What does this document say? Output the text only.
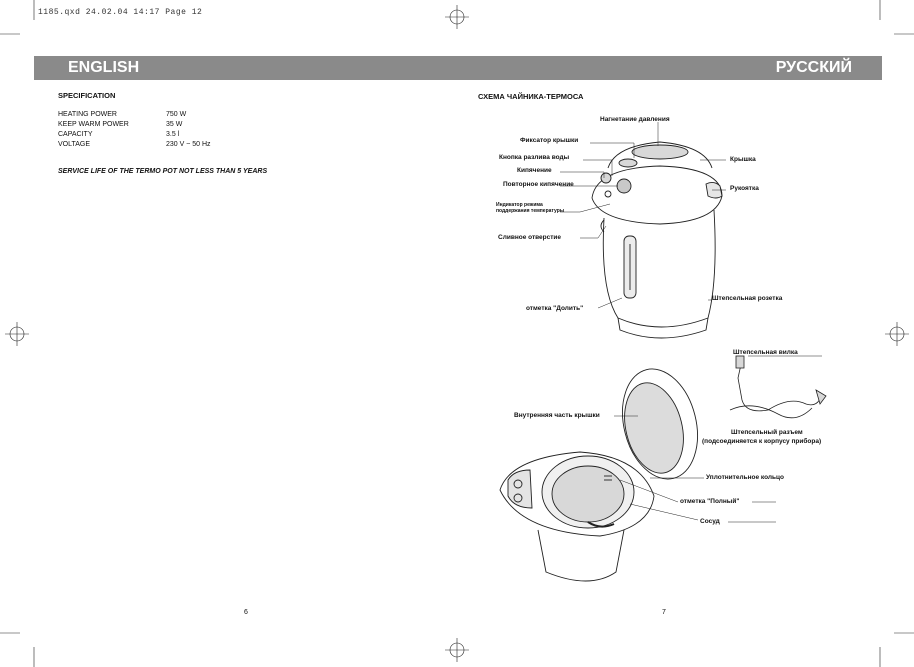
1185.qxd 24.02.04 14:17 Page 12
ENGLISH
SPECIFICATION
HEATING POWER	750 W
KEEP WARM POWER	35 W
CAPACITY	3.5 l
VOLTAGE	230 V ~ 50 Hz
SERVICE LIFE OF THE TERMO POT NOT LESS THAN 5 YEARS
6
РУССКИЙ
СХЕМА ЧАЙНИКА-ТЕРМОСА
Нагнетание давления
Фиксатор крышки
Кнопка разлива воды
Кипячение
Повторное кипячение
Индикатор режима
поддержания температуры
Сливное отверстие
отметка "Долить"
Крышка
Рукоятка
Штепсельная розетка
Штепсельная вилка
Штепсельный разъем
(подсоединяется к корпусу прибора)
Внутренняя часть крышки
Уплотнительное кольцо
отметка "Полный"
Сосуд
7
